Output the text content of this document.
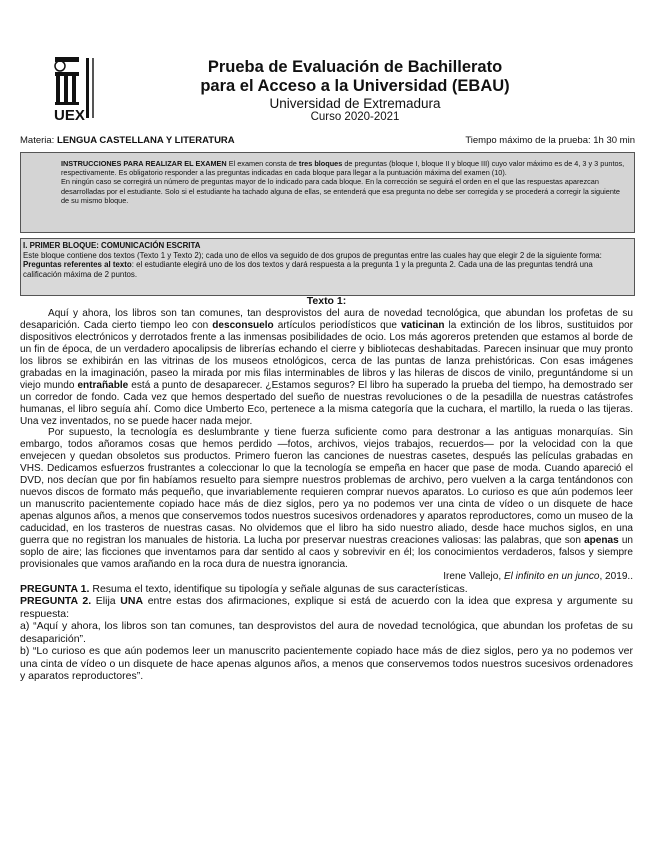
UEX
Prueba de Evaluación de Bachillerato
para el Acceso a la Universidad (EBAU)
Universidad de Extremadura
Curso 2020-2021
Materia: LENGUA CASTELLANA Y LITERATURA	Tiempo máximo de la prueba: 1h 30 min

INSTRUCCIONES PARA REALIZAR EL EXAMEN El examen consta de tres bloques de preguntas (bloque I, bloque II y bloque III) cuyo valor máximo es de 4, 3 y 3 puntos, respectivamente. Es obligatorio responder a las preguntas indicadas en cada bloque para llegar a la puntuación máxima del examen (10).

En ningún caso se corregirá un número de preguntas mayor de lo indicado para cada bloque. En la corrección se seguirá el orden en el que las respuestas aparezcan desarrolladas por el estudiante. Solo si el estudiante ha tachado alguna de ellas, se entenderá que esa pregunta no debe ser corregida y se procederá a corregir la siguiente de su mismo bloque.

I. PRIMER BLOQUE: COMUNICACIÓN ESCRITA

Este bloque contiene dos textos (Texto 1 y Texto 2); cada uno de ellos va seguido de dos grupos de preguntas entre las cuales hay que elegir 2 de la siguiente forma:

Preguntas referentes al texto: el estudiante elegirá uno de los dos textos y dará respuesta a la pregunta 1 y la pregunta 2. Cada una de las preguntas tendrá una calificación máxima de 2 puntos.

Texto 1:

Aquí y ahora, los libros son tan comunes, tan desprovistos del aura de novedad tecnológica, que abundan los profetas de su desaparición. Cada cierto tiempo leo con desconsuelo artículos periodísticos que vaticinan la extinción de los libros, sustituidos por dispositivos electrónicos y derrotados frente a las inmensas posibilidades de ocio. Los más agoreros pretenden que estamos al borde de un fin de época, de un verdadero apocalipsis de librerías echando el cierre y bibliotecas deshabitadas. Parecen insinuar que muy pronto los libros se exhibirán en las vitrinas de los museos etnológicos, cerca de las puntas de lanza prehistóricas. Con esas imágenes grabadas en la imaginación, paseo la mirada por mis filas interminables de libros y las hileras de discos de vinilo, preguntándome si un viejo mundo entrañable está a punto de desaparecer. ¿Estamos seguros? El libro ha superado la prueba del tiempo, ha demostrado ser un corredor de fondo. Cada vez que hemos despertado del sueño de nuestras revoluciones o de la pesadilla de nuestras catástrofes humanas, el libro seguía ahí. Como dice Umberto Eco, pertenece a la misma categoría que la cuchara, el martillo, la rueda o las tijeras. Una vez inventados, no se puede hacer nada mejor.

Por supuesto, la tecnología es deslumbrante y tiene fuerza suficiente como para destronar a las antiguas monarquías. Sin embargo, todos añoramos cosas que hemos perdido —fotos, archivos, viejos trabajos, recuerdos— por la velocidad con la que envejecen y quedan obsoletos sus productos. Primero fueron las canciones de nuestras casetes, después las películas grabadas en VHS. Dedicamos esfuerzos frustrantes a coleccionar lo que la tecnología se empeña en hacer que pase de moda. Cuando apareció el DVD, nos decían que por fin habíamos resuelto para siempre nuestros problemas de archivo, pero vuelven a la carga tentándonos con nuevos discos de formato más pequeño, que invariablemente requieren comprar nuevos aparatos. Lo curioso es que aún podemos leer un manuscrito pacientemente copiado hace más de diez siglos, pero ya no podemos ver una cinta de vídeo o un disquete de hace apenas algunos años, a menos que conservemos todos nuestros sucesivos ordenadores y aparatos reproductores, como un museo de la caducidad, en los trasteros de nuestras casas. No olvidemos que el libro ha sido nuestro aliado, desde hace muchos siglos, en una guerra que no registran los manuales de historia. La lucha por preservar nuestras creaciones valiosas: las palabras, que son apenas un soplo de aire; las ficciones que inventamos para dar sentido al caos y sobrevivir en él; los conocimientos verdaderos, falsos y siempre provisionales que vamos arañando en la roca dura de nuestra ignorancia.

Irene Vallejo, El infinito en un junco, 2019..

PREGUNTA 1. Resuma el texto, identifique su tipología y señale algunas de sus características.

PREGUNTA 2. Elija UNA entre estas dos afirmaciones, explique si está de acuerdo con la idea que expresa y argumente su respuesta:

a) “Aquí y ahora, los libros son tan comunes, tan desprovistos del aura de novedad tecnológica, que abundan los profetas de su desaparición”.

b) “Lo curioso es que aún podemos leer un manuscrito pacientemente copiado hace más de diez siglos, pero ya no podemos ver una cinta de vídeo o un disquete de hace apenas algunos años, a menos que conservemos todos nuestros sucesivos ordenadores y aparatos reproductores”.
